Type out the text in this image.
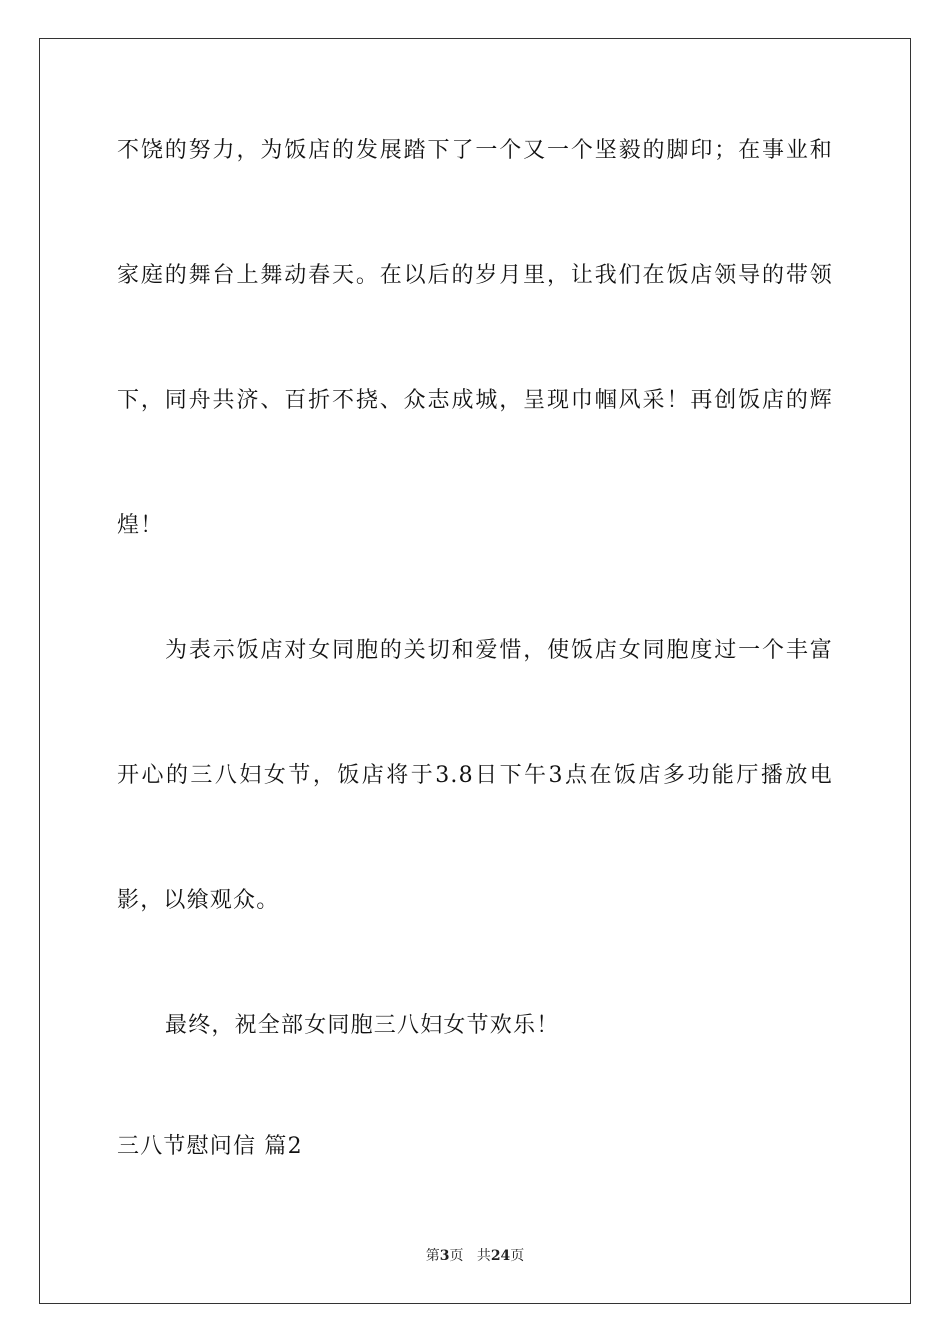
不饶的努力，为饭店的发展踏下了一个又一个坚毅的脚印；在事业和
家庭的舞台上舞动春天。在以后的岁月里，让我们在饭店领导的带领
下，同舟共济、百折不挠、众志成城，呈现巾帼风采！再创饭店的辉
煌！
为表示饭店对女同胞的关切和爱惜，使饭店女同胞度过一个丰富
开心的三八妇女节，饭店将于3.8日下午3点在饭店多功能厅播放电
影，以飨观众。
最终，祝全部女同胞三八妇女节欢乐！
三八节慰问信 篇2
第3页 共24页
